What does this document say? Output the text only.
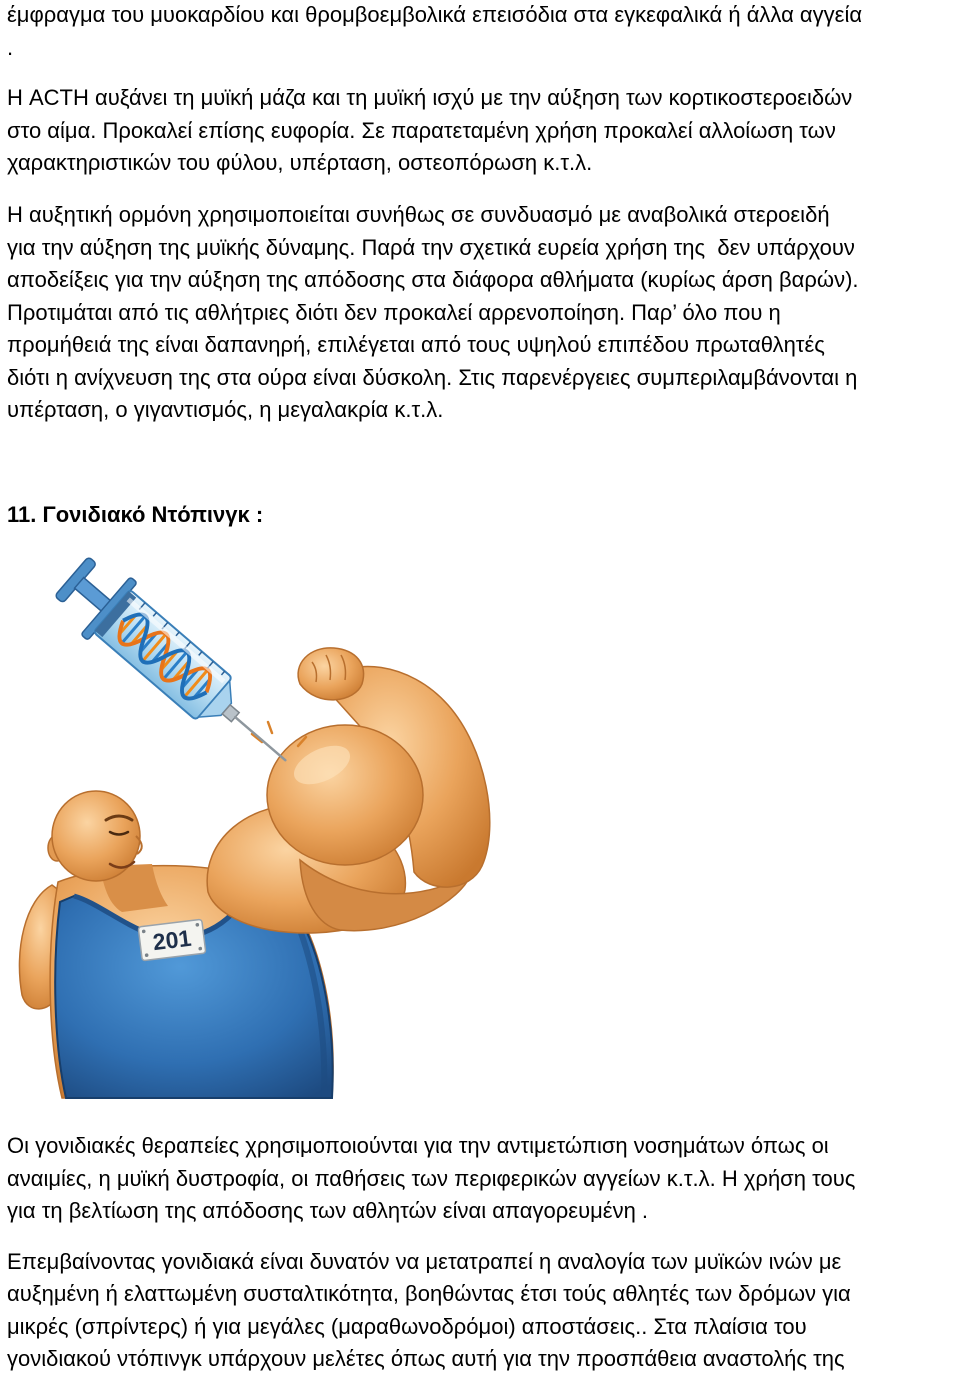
έμφραγμα του μυοκαρδίου και θρομβοεμβολικά επεισόδια στα εγκεφαλικά ή άλλα αγγεία
.
Η ACTH αυξάνει τη μυϊκή μάζα και τη μυϊκή ισχύ με την αύξηση των κορτικοστεροειδών
στο αίμα. Προκαλεί επίσης ευφορία. Σε παρατεταμένη χρήση προκαλεί αλλοίωση των
χαρακτηριστικών του φύλου, υπέρταση, οστεοπόρωση κ.τ.λ.
Η αυξητική ορμόνη χρησιμοποιείται συνήθως σε συνδυασμό με αναβολικά στεροειδή
για την αύξηση της μυϊκής δύναμης. Παρά την σχετικά ευρεία χρήση της  δεν υπάρχουν
αποδείξεις για την αύξηση της απόδοσης στα διάφορα αθλήματα (κυρίως άρση βαρών).
Προτιμάται από τις αθλήτριες διότι δεν προκαλεί αρρενοποίηση. Παρ’ όλο που η
προμήθειά της είναι δαπανηρή, επιλέγεται από τους υψηλού επιπέδου πρωταθλητές
διότι η ανίχνευση της στα ούρα είναι δύσκολη. Στις παρενέργειες συμπεριλαμβάνονται η
υπέρταση, ο γιγαντισμός, η μεγαλακρία κ.τ.λ.
11. Γονιδιακό Ντόπινγκ :
201
Οι γονιδιακές θεραπείες χρησιμοποιούνται για την αντιμετώπιση νοσημάτων όπως οι
αναιμίες, η μυϊκή δυστροφία, οι παθήσεις των περιφερικών αγγείων κ.τ.λ. Η χρήση τους
για τη βελτίωση της απόδοσης των αθλητών είναι απαγορευμένη .
Επεμβαίνοντας γονιδιακά είναι δυνατόν να μετατραπεί η αναλογία των μυϊκών ινών με
αυξημένη ή ελαττωμένη συσταλτικότητα, βοηθώντας έτσι τούς αθλητές των δρόμων για
μικρές (σπρίντερς) ή για μεγάλες (μαραθωνοδρόμοι) αποστάσεις.. Στα πλαίσια του
γονιδιακού ντόπινγκ υπάρχουν μελέτες όπως αυτή για την προσπάθεια αναστολής της
